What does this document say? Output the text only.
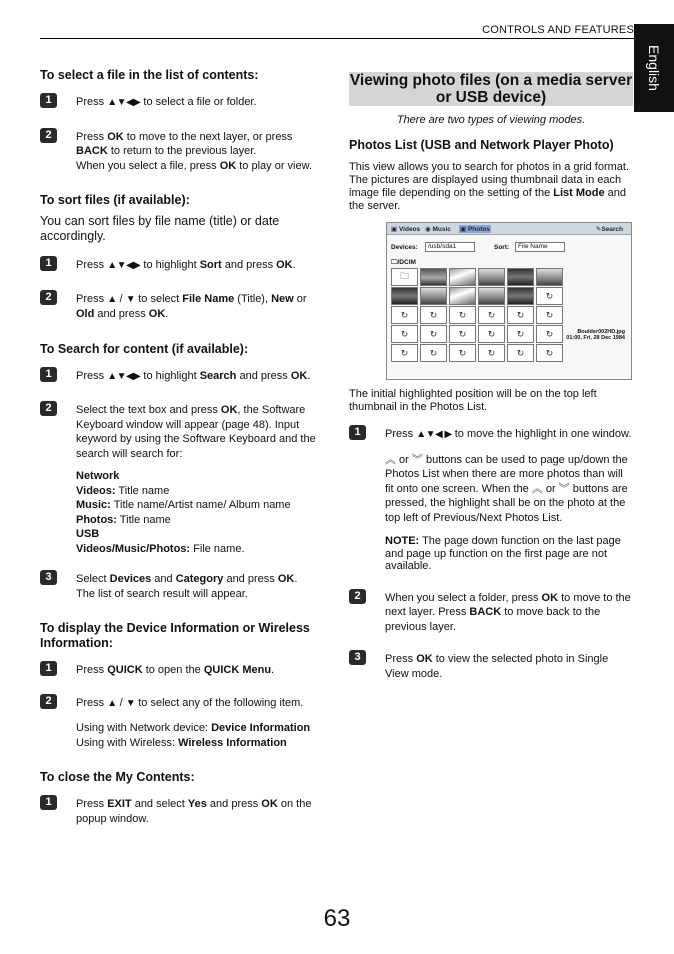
CONTROLS AND FEATURES
English
To select a file in the list of contents:
1	Press ▲▼◀▶ to select a file or folder.
2	Press OK to move to the next layer, or press BACK to return to the previous layer.

When you select a file, press OK to play or view.

To sort files (if available):
You can sort files by file name (title) or date accordingly.
1	Press ▲▼◀▶ to highlight Sort and press OK.
2	Press ▲ / ▼ to select File Name (Title), New or Old and press OK.
To Search for content (if available):
1	Press ▲▼◀▶ to highlight Search and press OK.
2	Select the text box and press OK, the Software Keyboard window will appear (page 48). Input keyword by using the Software Keyboard and the search will search for:

Network

Videos: Title name

Music: Title name/Artist name/ Album name

Photos: Title name

USB

Videos/Music/Photos: File name.

3	Select Devices and Category and press OK.

The list of search result will appear.

To display the Device Information or Wireless Information:
1	Press QUICK to open the QUICK Menu.
2	Press ▲ / ▼ to select any of the following item.

Using with Network device: Device Information

Using with Wireless: Wireless Information

To close the My Contents:
1	Press EXIT and select Yes and press OK on the popup window.
Viewing photo files (on a media server or USB device)
There are two types of viewing modes.
Photos List (USB and Network Player Photo)
This view allows you to search for photos in a grid format. The pictures are displayed using thumbnail data in each image file depending on the setting of the List Mode and the server.
▣ Videos ◉ Music ▣ Photos	✎Search
Devices:	/usb/sda1	Sort:	File Name
🗀/DCIM
🗀
↻
↻	↻	↻	↻	↻	↻
↻	↻	↻	↻	↻	↻
↻	↻	↻	↻	↻	↻
Boulder002HD.jpg
01:00, Fri, 28 Dec 1984
The initial highlighted position will be on the top left thumbnail in the Photos List.
1	Press ▲▼◀ ▶ to move the highlight in one window.

︽ or ︾ buttons can be used to page up/down the Photos List when there are more photos than will fit onto one screen. When the ︽ or ︾ buttons are pressed, the highlight shall be on the photo at the top left of Previous/Next Photos List.

NOTE: The page down function on the last page and page up function on the first page are not available.

2	When you select a folder, press OK to move to the next layer. Press BACK to move back to the previous layer.
3	Press OK to view the selected photo in Single View mode.
63
